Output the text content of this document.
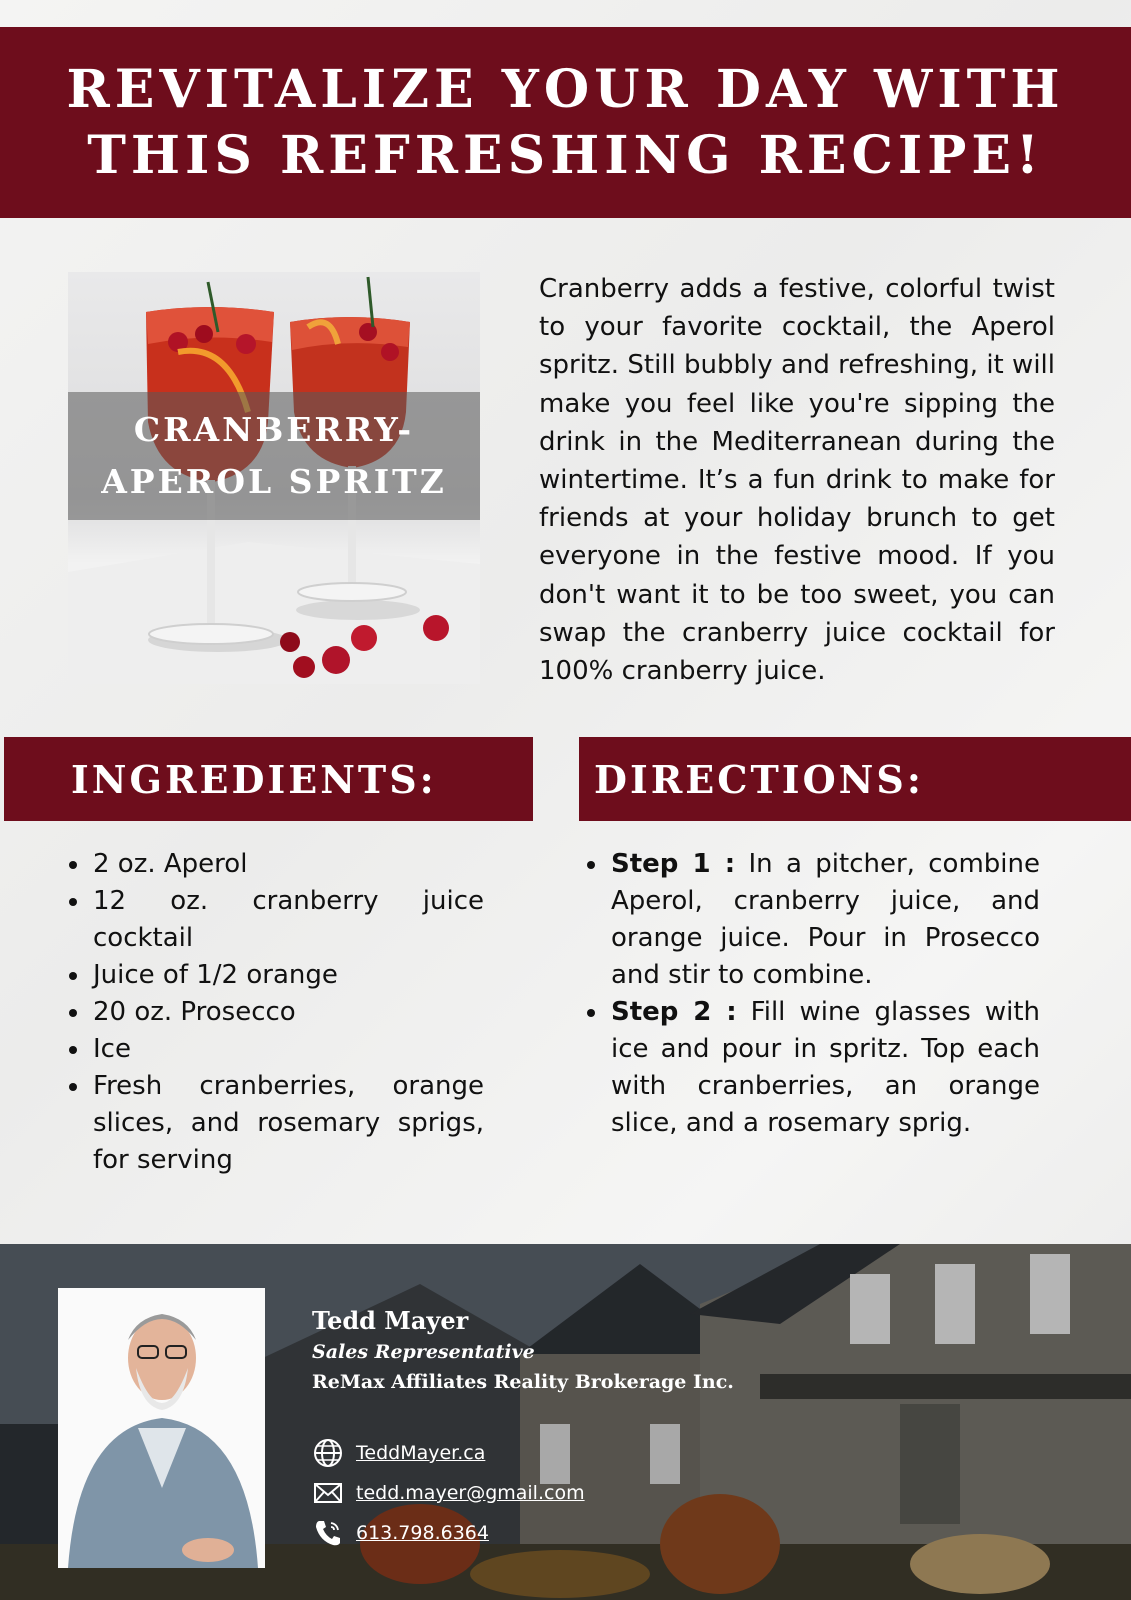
REVITALIZE YOUR DAY WITH
THIS REFRESHING RECIPE!
CRANBERRY-
APEROL SPRITZ
Cranberry adds a festive, colorful twist to your favorite cocktail, the Aperol spritz. Still bubbly and refreshing, it will make you feel like you're sipping the drink in the Mediterranean during the wintertime. It’s a fun drink to make for friends at your holiday brunch to get everyone in the festive mood. If you don't want it to be too sweet, you can swap the cranberry juice cocktail for 100% cranberry juice.
INGREDIENTS:	DIRECTIONS:
• 2 oz. Aperol
• 12 oz. cranberry juice cocktail
• Juice of 1/2 orange
• 20 oz. Prosecco
• Ice
• Fresh cranberries, orange slices, and rosemary sprigs, for serving
• Step 1 : In a pitcher, combine Aperol, cranberry juice, and orange juice. Pour in Prosecco and stir to combine.
• Step 2 : Fill wine glasses with ice and pour in spritz. Top each with cranberries, an orange slice, and a rosemary sprig.
Tedd Mayer
Sales Representative
ReMax Affiliates Reality Brokerage Inc.
TeddMayer.ca
tedd.mayer@gmail.com
613.798.6364
